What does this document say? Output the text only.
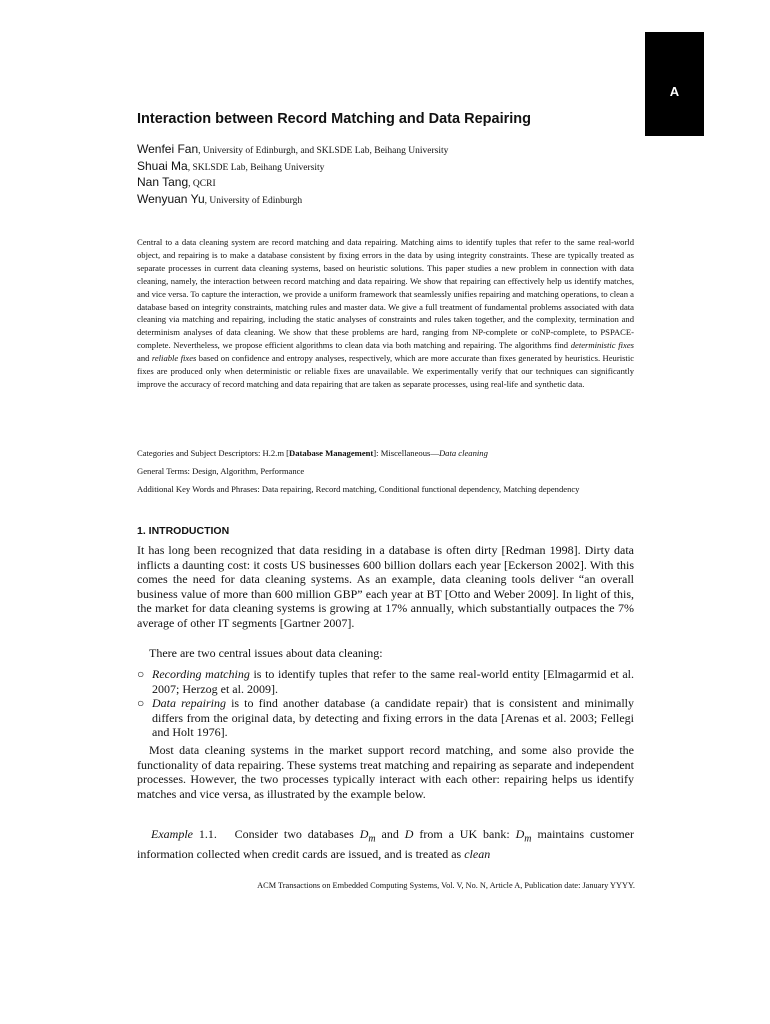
A
Interaction between Record Matching and Data Repairing
Wenfei Fan, University of Edinburgh, and SKLSDE Lab, Beihang University
Shuai Ma, SKLSDE Lab, Beihang University
Nan Tang, QCRI
Wenyuan Yu, University of Edinburgh
Central to a data cleaning system are record matching and data repairing. Matching aims to identify tuples that refer to the same real-world object, and repairing is to make a database consistent by fixing errors in the data by using integrity constraints. These are typically treated as separate processes in current data cleaning systems, based on heuristic solutions. This paper studies a new problem in connection with data cleaning, namely, the interaction between record matching and data repairing. We show that repairing can effectively help us identify matches, and vice versa. To capture the interaction, we provide a uniform framework that seamlessly unifies repairing and matching operations, to clean a database based on integrity constraints, matching rules and master data. We give a full treatment of fundamental problems associated with data cleaning via matching and repairing, including the static analyses of constraints and rules taken together, and the complexity, termination and determinism analyses of data cleaning. We show that these problems are hard, ranging from NP-complete or coNP-complete, to PSPACE-complete. Nevertheless, we propose efficient algorithms to clean data via both matching and repairing. The algorithms find deterministic fixes and reliable fixes based on confidence and entropy analyses, respectively, which are more accurate than fixes generated by heuristics. Heuristic fixes are produced only when deterministic or reliable fixes are unavailable. We experimentally verify that our techniques can significantly improve the accuracy of record matching and data repairing that are taken as separate processes, using real-life and synthetic data.
Categories and Subject Descriptors: H.2.m [Database Management]: Miscellaneous—Data cleaning
General Terms: Design, Algorithm, Performance
Additional Key Words and Phrases: Data repairing, Record matching, Conditional functional dependency, Matching dependency
1. INTRODUCTION
It has long been recognized that data residing in a database is often dirty [Redman 1998]. Dirty data inflicts a daunting cost: it costs US businesses 600 billion dollars each year [Eckerson 2002]. With this comes the need for data cleaning systems. As an example, data cleaning tools deliver “an overall business value of more than 600 million GBP” each year at BT [Otto and Weber 2009]. In light of this, the market for data cleaning systems is growing at 17% annually, which substantially outpaces the 7% average of other IT segments [Gartner 2007].
There are two central issues about data cleaning:
○ Recording matching is to identify tuples that refer to the same real-world entity [Elmagarmid et al. 2007; Herzog et al. 2009].
○ Data repairing is to find another database (a candidate repair) that is consistent and minimally differs from the original data, by detecting and fixing errors in the data [Arenas et al. 2003; Fellegi and Holt 1976].
Most data cleaning systems in the market support record matching, and some also provide the functionality of data repairing. These systems treat matching and repairing as separate and independent processes. However, the two processes typically interact with each other: repairing helps us identify matches and vice versa, as illustrated by the example below.
Example 1.1.   Consider two databases $D_m$ and D from a UK bank: $D_m$ maintains customer information collected when credit cards are issued, and is treated as clean
ACM Transactions on Embedded Computing Systems, Vol. V, No. N, Article A, Publication date: January YYYY.
